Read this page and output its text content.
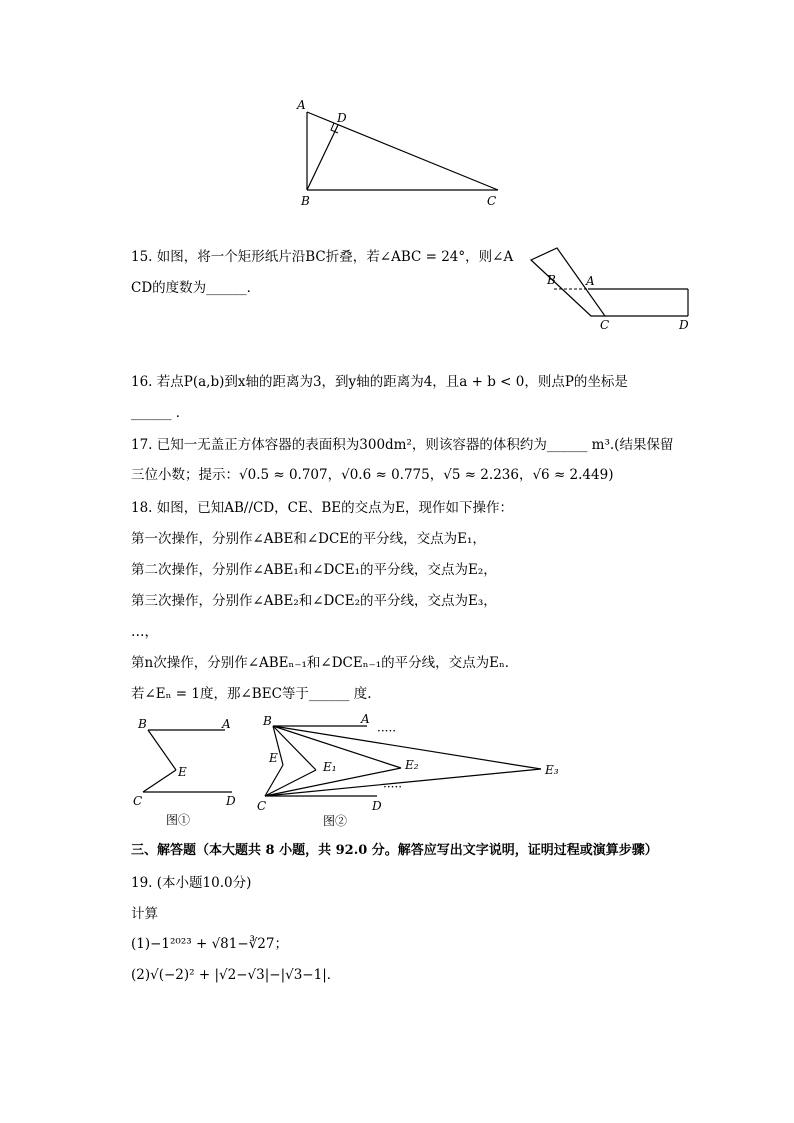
A
D
B	C
15. 如图，将一个矩形纸片沿BC折叠，若∠ABC = 24°，则∠A
CD的度数为______．	B	A
C	D
16. 若点P(a,b)到x轴的距离为3，到y轴的距离为4，且a + b < 0，则点P的坐标是
______ ．
17. 已知一无盖正方体容器的表面积为300dm²，则该容器的体积约为______ m³.(结果保留
三位小数；提示：√0.5 ≈ 0.707，√0.6 ≈ 0.775，√5 ≈ 2.236，√6 ≈ 2.449)
18. 如图，已知AB//CD，CE、BE的交点为E，现作如下操作：
第一次操作，分别作∠ABE和∠DCE的平分线，交点为E₁，
第二次操作，分别作∠ABE₁和∠DCE₁的平分线，交点为E₂，
第三次操作，分别作∠ABE₂和∠DCE₂的平分线，交点为E₃，
…，
第n次操作，分别作∠ABEₙ₋₁和∠DCEₙ₋₁的平分线，交点为Eₙ．
若∠Eₙ = 1度，那∠BEC等于______ 度.
B	A
E
C	D
图①
·····
·····
B	A
E
E₁	E₂	E₃
C	D
图②
三、解答题（本大题共 8 小题，共 92.0 分。解答应写出文字说明，证明过程或演算步骤）
19. (本小题10.0分)
计算
(1)−1²⁰²³ + √81−∛27；
(2)√(−2)² + |√2−√3|−|√3−1|．
